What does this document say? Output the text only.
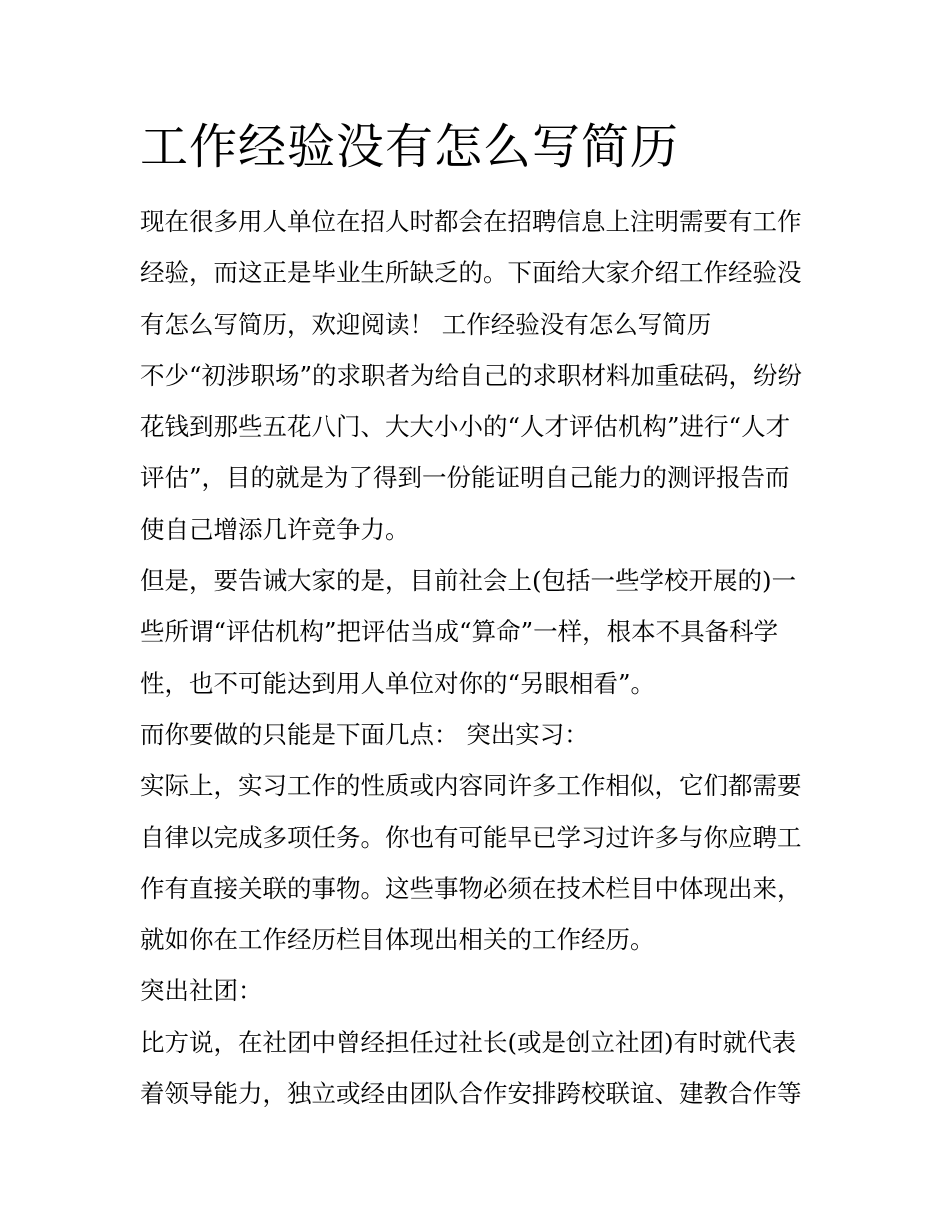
工作经验没有怎么写简历
现在很多用人单位在招人时都会在招聘信息上注明需要有工作
经验，而这正是毕业生所缺乏的。下面给大家介绍工作经验没
有怎么写简历，欢迎阅读！ 工作经验没有怎么写简历
不少“初涉职场”的求职者为给自己的求职材料加重砝码，纷纷
花钱到那些五花八门、大大小小的“人才评估机构”进行“人才
评估”，目的就是为了得到一份能证明自己能力的测评报告而
使自己增添几许竞争力。
但是，要告诫大家的是，目前社会上(包括一些学校开展的)一
些所谓“评估机构”把评估当成“算命”一样，根本不具备科学
性，也不可能达到用人单位对你的“另眼相看”。
而你要做的只能是下面几点： 突出实习：
实际上，实习工作的性质或内容同许多工作相似，它们都需要
自律以完成多项任务。你也有可能早已学习过许多与你应聘工
作有直接关联的事物。这些事物必须在技术栏目中体现出来，
就如你在工作经历栏目体现出相关的工作经历。
突出社团：
比方说，在社团中曾经担任过社长(或是创立社团)有时就代表
着领导能力，独立或经由团队合作安排跨校联谊、建教合作等
